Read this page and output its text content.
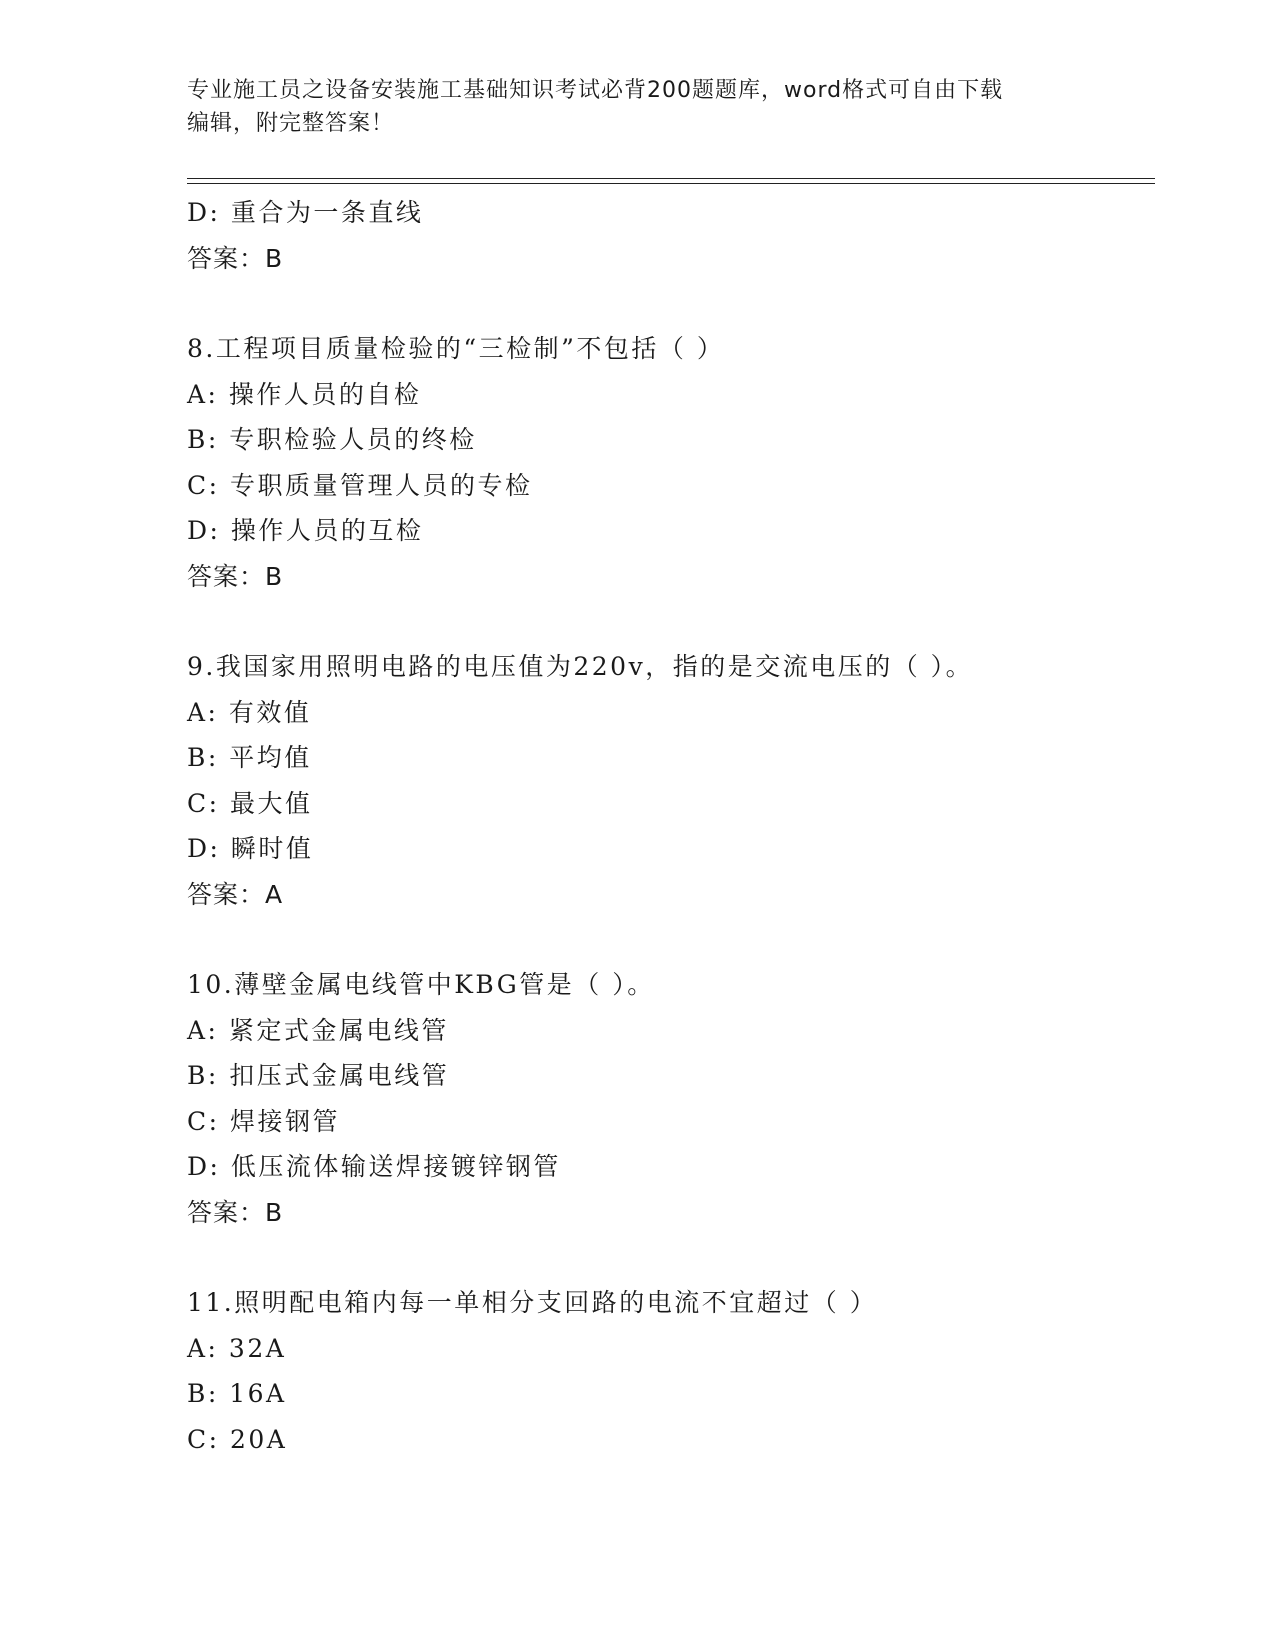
专业施工员之设备安装施工基础知识考试必背200题题库，word格式可自由下载
编辑，附完整答案！
D: 重合为一条直线
答案：B
8.工程项目质量检验的“三检制”不包括（ ）
A: 操作人员的自检
B: 专职检验人员的终检
C: 专职质量管理人员的专检
D: 操作人员的互检
答案：B
9.我国家用照明电路的电压值为220v，指的是交流电压的（ ）。
A: 有效值
B: 平均值
C: 最大值
D: 瞬时值
答案：A
10.薄壁金属电线管中KBG管是（ ）。
A: 紧定式金属电线管
B: 扣压式金属电线管
C: 焊接钢管
D: 低压流体输送焊接镀锌钢管
答案：B
11.照明配电箱内每一单相分支回路的电流不宜超过（ ）
A: 32A
B: 16A
C: 20A
